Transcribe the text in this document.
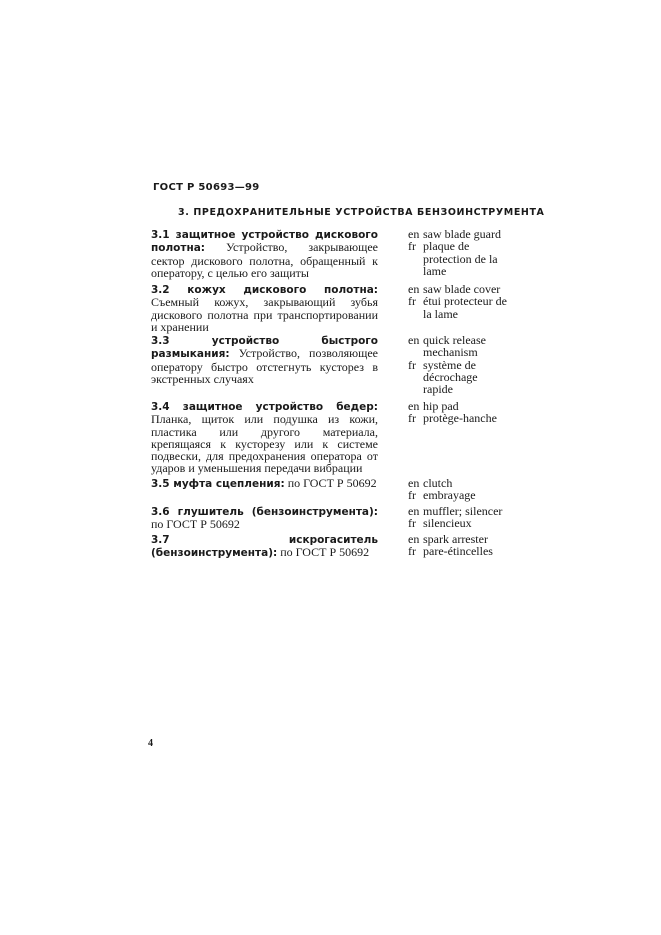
ГОСТ Р 50693—99
3. ПРЕДОХРАНИТЕЛЬНЫЕ УСТРОЙСТВА БЕНЗОИНСТРУМЕНТА
3.1 защитное устройство дискового полотна: Устройство, закрывающее сектор дискового полотна, обращенный к оператору, с целью его защиты
en saw blade guard
fr plaque de protection de la lame
3.2 кожух дискового полотна: Съемный кожух, закрывающий зубья дискового полотна при транспортировании и хранении
en saw blade cover
fr étui protecteur de la lame
3.3 устройство быстрого размыкания: Устройство, позволяющее оператору быстро отстегнуть кусторез в экстренных случаях
en quick release mechanism
fr système de décrochage rapide
3.4 защитное устройство бедер: Планка, щиток или подушка из кожи, пластика или другого материала, крепящаяся к кусторезу или к системе подвески, для предохранения оператора от ударов и уменьшения передачи вибрации
en hip pad
fr protège-hanche
3.5 муфта сцепления: по ГОСТ Р 50692	en clutch
fr embrayage
3.6 глушитель (бензоинструмента): по ГОСТ Р 50692
en muffler; silencer
fr silencieux
3.7 искрогаситель (бензоинструмента): по ГОСТ Р 50692
en spark arrester
fr pare-étincelles
4
